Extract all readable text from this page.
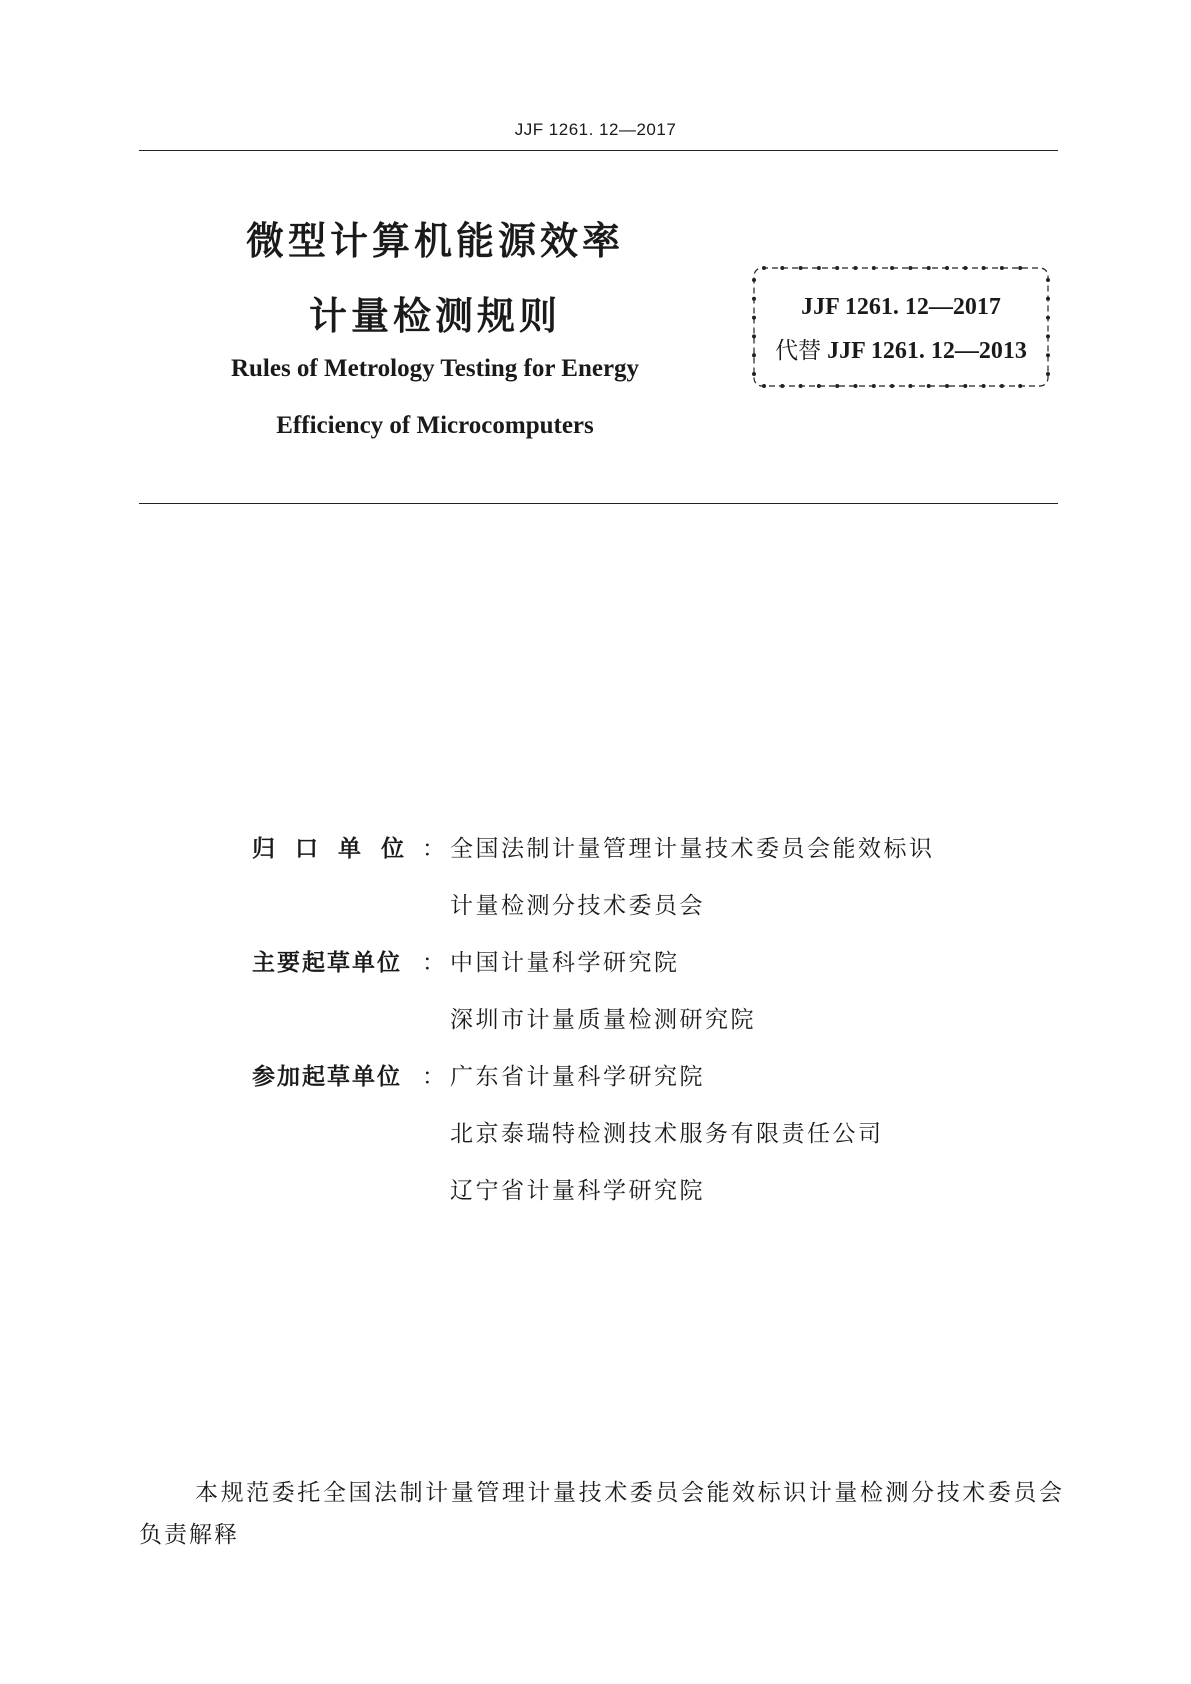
JJF 1261. 12—2017
微型计算机能源效率
计量检测规则
Rules of Metrology Testing for Energy
Efficiency of Microcomputers
JJF 1261. 12—2017
代替 JJF 1261. 12—2013
归口单位
： 全国法制计量管理计量技术委员会能效标识
计量检测分技术委员会
主要起草单位 ： 中国计量科学研究院
深圳市计量质量检测研究院
参加起草单位 ： 广东省计量科学研究院
北京泰瑞特检测技术服务有限责任公司
辽宁省计量科学研究院
本规范委托全国法制计量管理计量技术委员会能效标识计量检测分技术委员会负责解释
